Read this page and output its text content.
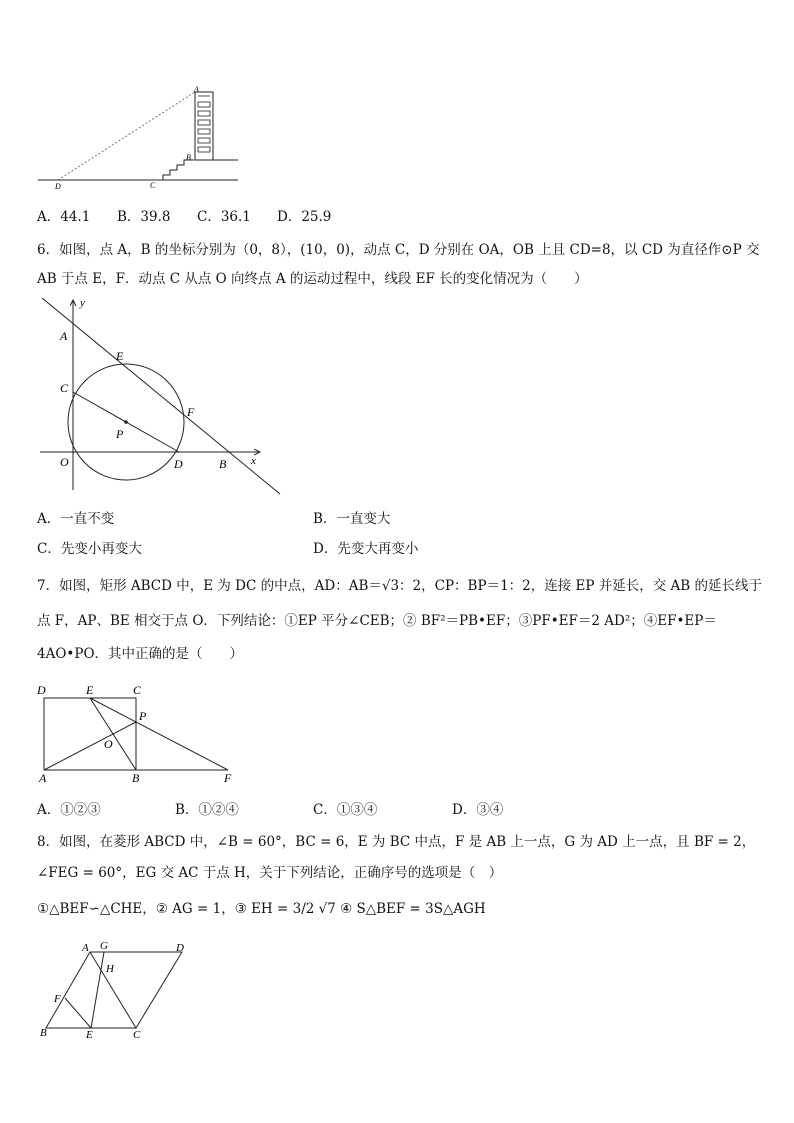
A
B
C
D
A．44.1 B．39.8 C．36.1 D．25.9
6．如图，点 A，B 的坐标分别为（0，8），(10，0)，动点 C，D 分别在 OA，OB 上且 CD=8，以 CD 为直径作⊙P 交
AB 于点 E，F．动点 C 从点 O 向终点 A 的运动过程中，线段 EF 长的变化情况为（　　）
y
x
A
E
C
F
P
O	D	B
A．一直不变	B．一直变大
C．先变小再变大	D．先变大再变小
7．如图，矩形 ABCD 中，E 为 DC 的中点，AD：AB＝√3：2，CP：BP＝1：2，连接 EP 并延长，交 AB 的延长线于
点 F，AP、BE 相交于点 O．下列结论：①EP 平分∠CEB；② BF²＝PB•EF；③PF•EF＝2 AD²；④EF•EP＝
4AO•PO．其中正确的是（　　）
D	E	C
P
O
A	B	F
A．①②③	B．①②④	C．①③④	D．③④
8．如图，在菱形 ABCD 中，∠B = 60°，BC = 6，E 为 BC 中点，F 是 AB 上一点，G 为 AD 上一点，且 BF = 2，
∠FEG = 60°，EG 交 AC 于点 H，关于下列结论，正确序号的选项是（　）
①△BEF∽△CHE，② AG = 1，③ EH = 3/2 √7 ④ S△BEF = 3S△AGH
A G	D
H
F
B	E	C
